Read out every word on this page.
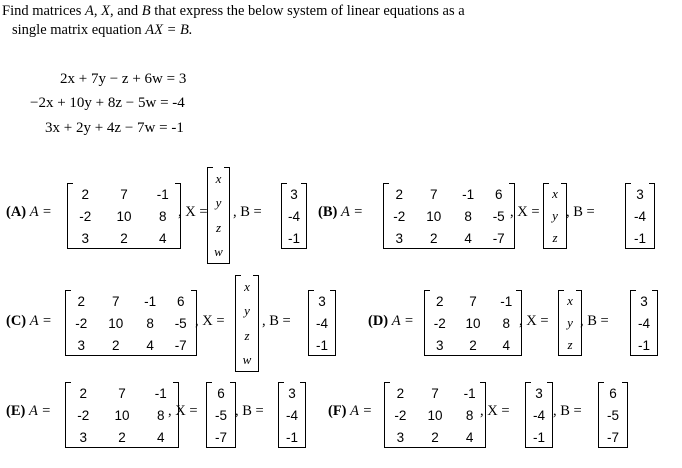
Find matrices A, X, and B that express the below system of linear equations as a
single matrix equation AX = B.
2x + 7y − z + 6w = 3
−2x + 10y + 8z − 5w = -4
3x + 2y + 4z − 7w = -1
(A) A =
2	7	-1
-2	10	8
3	2	4
, X =
x
y
z
w
, B =
3
-4
-1
(B) A =
2	7	-1	6
-2	10	8	-5
3	2	4	-7
, X =
x
y
z
, B =
3
-4
-1
(C) A =
2	7	-1	6
-2	10	8	-5
3	2	4	-7
, X =
x
y
z
w
, B =
3
-4
-1
(D) A =
2	7	-1
-2	10	8
3	2	4
, X =
x
y
z
, B =
3
-4
-1
(E) A =
2	7	-1
-2	10	8
3	2	4
, X =
6
-5
-7
, B =
3
-4
-1
(F) A =
2	7	-1
-2	10	8
3	2	4
, X =
3
-4
-1
, B =
6
-5
-7
